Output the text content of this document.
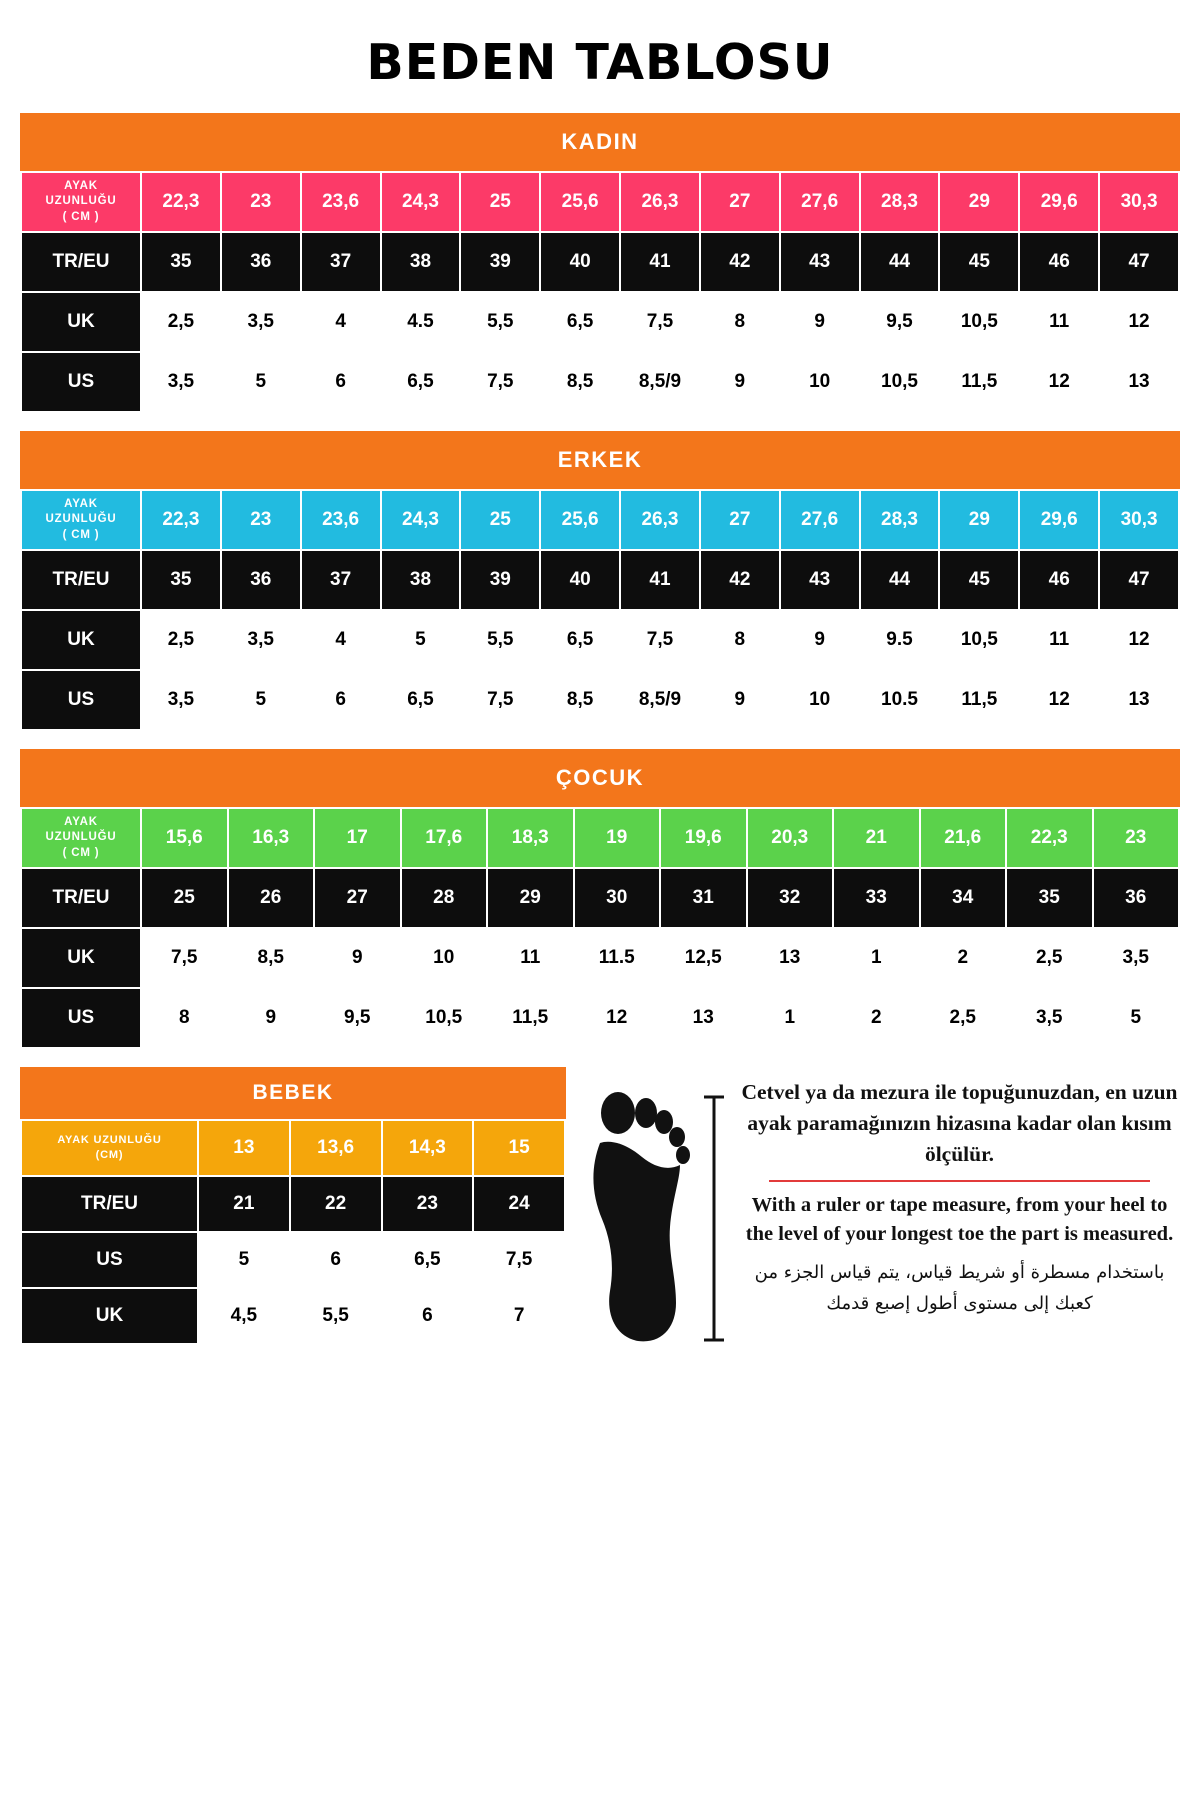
BEDEN TABLOSU
KADIN
AYAK
UZUNLUĞU
( CM )	22,3	23	23,6	24,3	25	25,6	26,3	27	27,6	28,3	29	29,6	30,3
TR/EU	35	36	37	38	39	40	41	42	43	44	45	46	47
UK	2,5	3,5	4	4.5	5,5	6,5	7,5	8	9	9,5	10,5	11	12
US	3,5	5	6	6,5	7,5	8,5	8,5/9	9	10	10,5	11,5	12	13
ERKEK
AYAK
UZUNLUĞU
( CM )	22,3	23	23,6	24,3	25	25,6	26,3	27	27,6	28,3	29	29,6	30,3
TR/EU	35	36	37	38	39	40	41	42	43	44	45	46	47
UK	2,5	3,5	4	5	5,5	6,5	7,5	8	9	9.5	10,5	11	12
US	3,5	5	6	6,5	7,5	8,5	8,5/9	9	10	10.5	11,5	12	13
ÇOCUK
AYAK
UZUNLUĞU
( CM )	15,6	16,3	17	17,6	18,3	19	19,6	20,3	21	21,6	22,3	23
TR/EU	25	26	27	28	29	30	31	32	33	34	35	36
UK	7,5	8,5	9	10	11	11.5	12,5	13	1	2	2,5	3,5
US	8	9	9,5	10,5	11,5	12	13	1	2	2,5	3,5	5
BEBEK
AYAK UZUNLUĞU
(CM)	13	13,6	14,3	15
TR/EU	21	22	23	24
US	5	6	6,5	7,5
UK	4,5	5,5	6	7
Cetvel ya da mezura ile topuğunuzdan, en uzun ayak paramağınızın hizasına kadar olan kısım ölçülür.
With a ruler or tape measure, from your heel to the level of your longest toe the part is measured.
باستخدام مسطرة أو شريط قياس، يتم قياس الجزء من كعبك إلى مستوى أطول إصبع قدمك
